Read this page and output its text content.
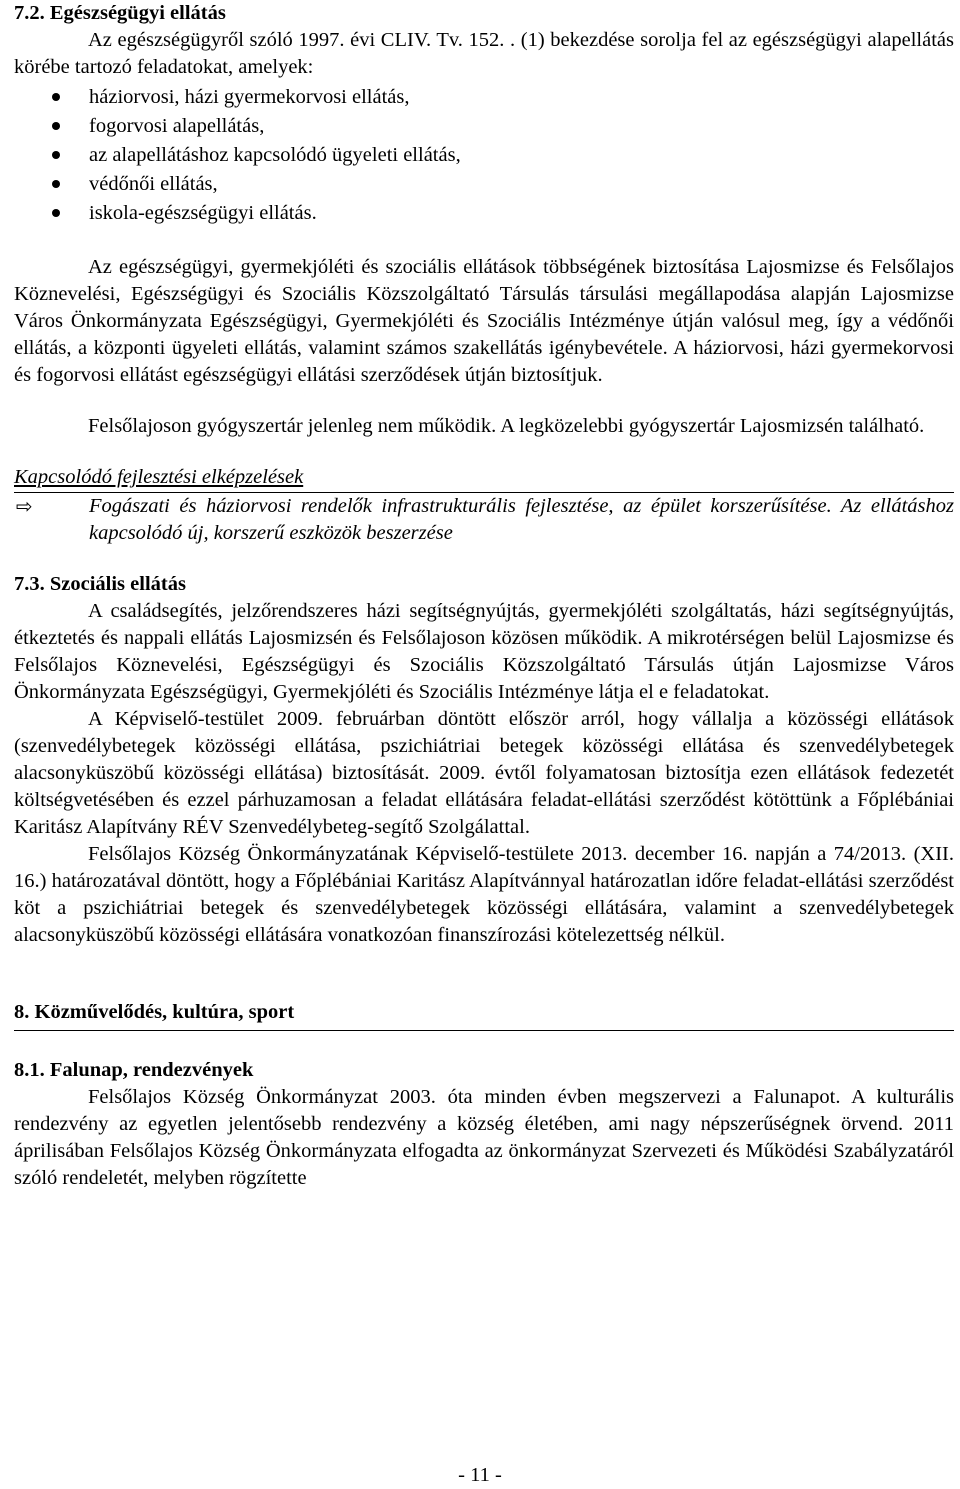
7.2. Egészségügyi ellátás

Az egészségügyről szóló 1997. évi CLIV. Tv. 152. . (1) bekezdése sorolja fel az egészségügyi alapellátás körébe tartozó feladatokat, amelyek:

háziorvosi, házi gyermekorvosi ellátás,
fogorvosi alapellátás,
az alapellátáshoz kapcsolódó ügyeleti ellátás,
védőnői ellátás,
iskola-egészségügyi ellátás.

Az egészségügyi, gyermekjóléti és szociális ellátások többségének biztosítása Lajosmizse és Felsőlajos Köznevelési, Egészségügyi és Szociális Közszolgáltató Társulás társulási megállapodása alapján Lajosmizse Város Önkormányzata Egészségügyi, Gyermekjóléti és Szociális Intézménye útján valósul meg, így a védőnői ellátás, a központi ügyeleti ellátás, valamint számos szakellátás igénybevétele. A háziorvosi, házi gyermekorvosi és fogorvosi ellátást egészségügyi ellátási szerződések útján biztosítjuk.

Felsőlajoson gyógyszertár jelenleg nem működik. A legközelebbi gyógyszertár Lajosmizsén található.

Kapcsolódó fejlesztési elképzelések

⇨	Fogászati és háziorvosi rendelők infrastrukturális fejlesztése, az épület korszerűsítése. Az ellátáshoz kapcsolódó új, korszerű eszközök beszerzése

7.3. Szociális ellátás

A családsegítés, jelzőrendszeres házi segítségnyújtás, gyermekjóléti szolgáltatás, házi segítségnyújtás, étkeztetés és nappali ellátás Lajosmizsén és Felsőlajoson közösen működik. A mikrotérségen belül Lajosmizse és Felsőlajos Köznevelési, Egészségügyi és Szociális Közszolgáltató Társulás útján Lajosmizse Város Önkormányzata Egészségügyi, Gyermekjóléti és Szociális Intézménye látja el e feladatokat.

A Képviselő-testület 2009. februárban döntött először arról, hogy vállalja a közösségi ellátások (szenvedélybetegek közösségi ellátása, pszichiátriai betegek közösségi ellátása és szenvedélybetegek alacsonyküszöbű közösségi ellátása) biztosítását. 2009. évtől folyamatosan biztosítja ezen ellátások fedezetét költségvetésében és ezzel párhuzamosan a feladat ellátására feladat-ellátási szerződést kötöttünk a Főplébániai Karitász Alapítvány RÉV Szenvedélybeteg-segítő Szolgálattal.

Felsőlajos Község Önkormányzatának Képviselő-testülete 2013. december 16. napján a 74/2013. (XII. 16.) határozatával döntött, hogy a Főplébániai Karitász Alapítvánnyal határozatlan időre feladat-ellátási szerződést köt a pszichiátriai betegek és szenvedélybetegek közösségi ellátására, valamint a szenvedélybetegek alacsonyküszöbű közösségi ellátására vonatkozóan finanszírozási kötelezettség nélkül.

8. Közművelődés, kultúra, sport

8.1. Falunap, rendezvények

Felsőlajos Község Önkormányzat 2003. óta minden évben megszervezi a Falunapot. A kulturális rendezvény az egyetlen jelentősebb rendezvény a község életében, ami nagy népszerűségnek örvend. 2011 áprilisában Felsőlajos Község Önkormányzata elfogadta az önkormányzat Szervezeti és Működési Szabályzatáról szóló rendeletét, melyben rögzítette

- 11 -
